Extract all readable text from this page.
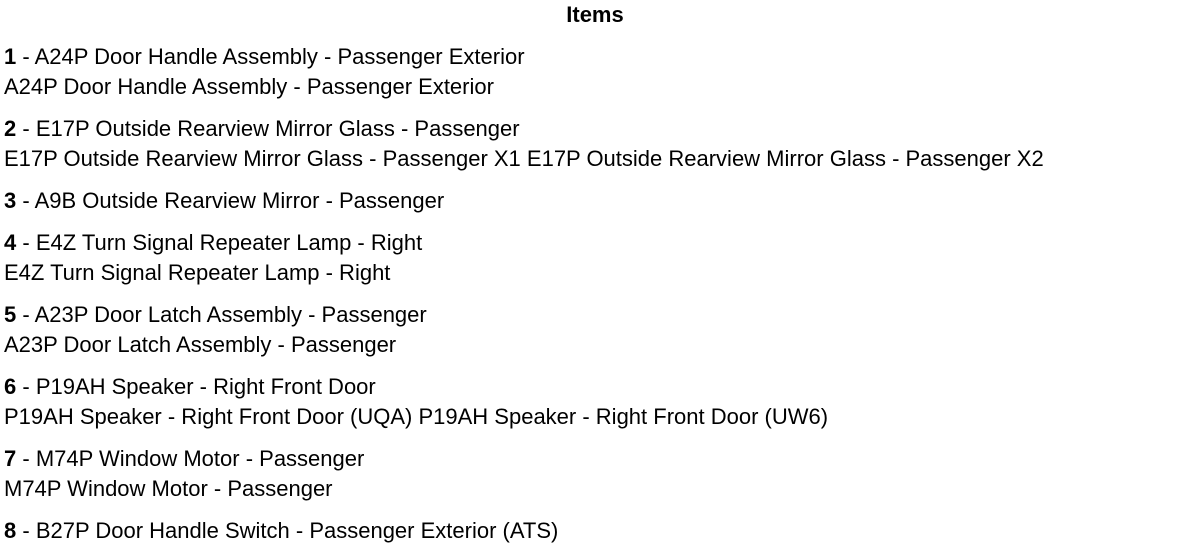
Items
1 - A24P Door Handle Assembly - Passenger Exterior
A24P Door Handle Assembly - Passenger Exterior
2 - E17P Outside Rearview Mirror Glass - Passenger
E17P Outside Rearview Mirror Glass - Passenger X1 E17P Outside Rearview Mirror Glass - Passenger X2
3 - A9B Outside Rearview Mirror - Passenger
4 - E4Z Turn Signal Repeater Lamp - Right
E4Z Turn Signal Repeater Lamp - Right
5 - A23P Door Latch Assembly - Passenger
A23P Door Latch Assembly - Passenger
6 - P19AH Speaker - Right Front Door
P19AH Speaker - Right Front Door (UQA) P19AH Speaker - Right Front Door (UW6)
7 - M74P Window Motor - Passenger
M74P Window Motor - Passenger
8 - B27P Door Handle Switch - Passenger Exterior (ATS)
